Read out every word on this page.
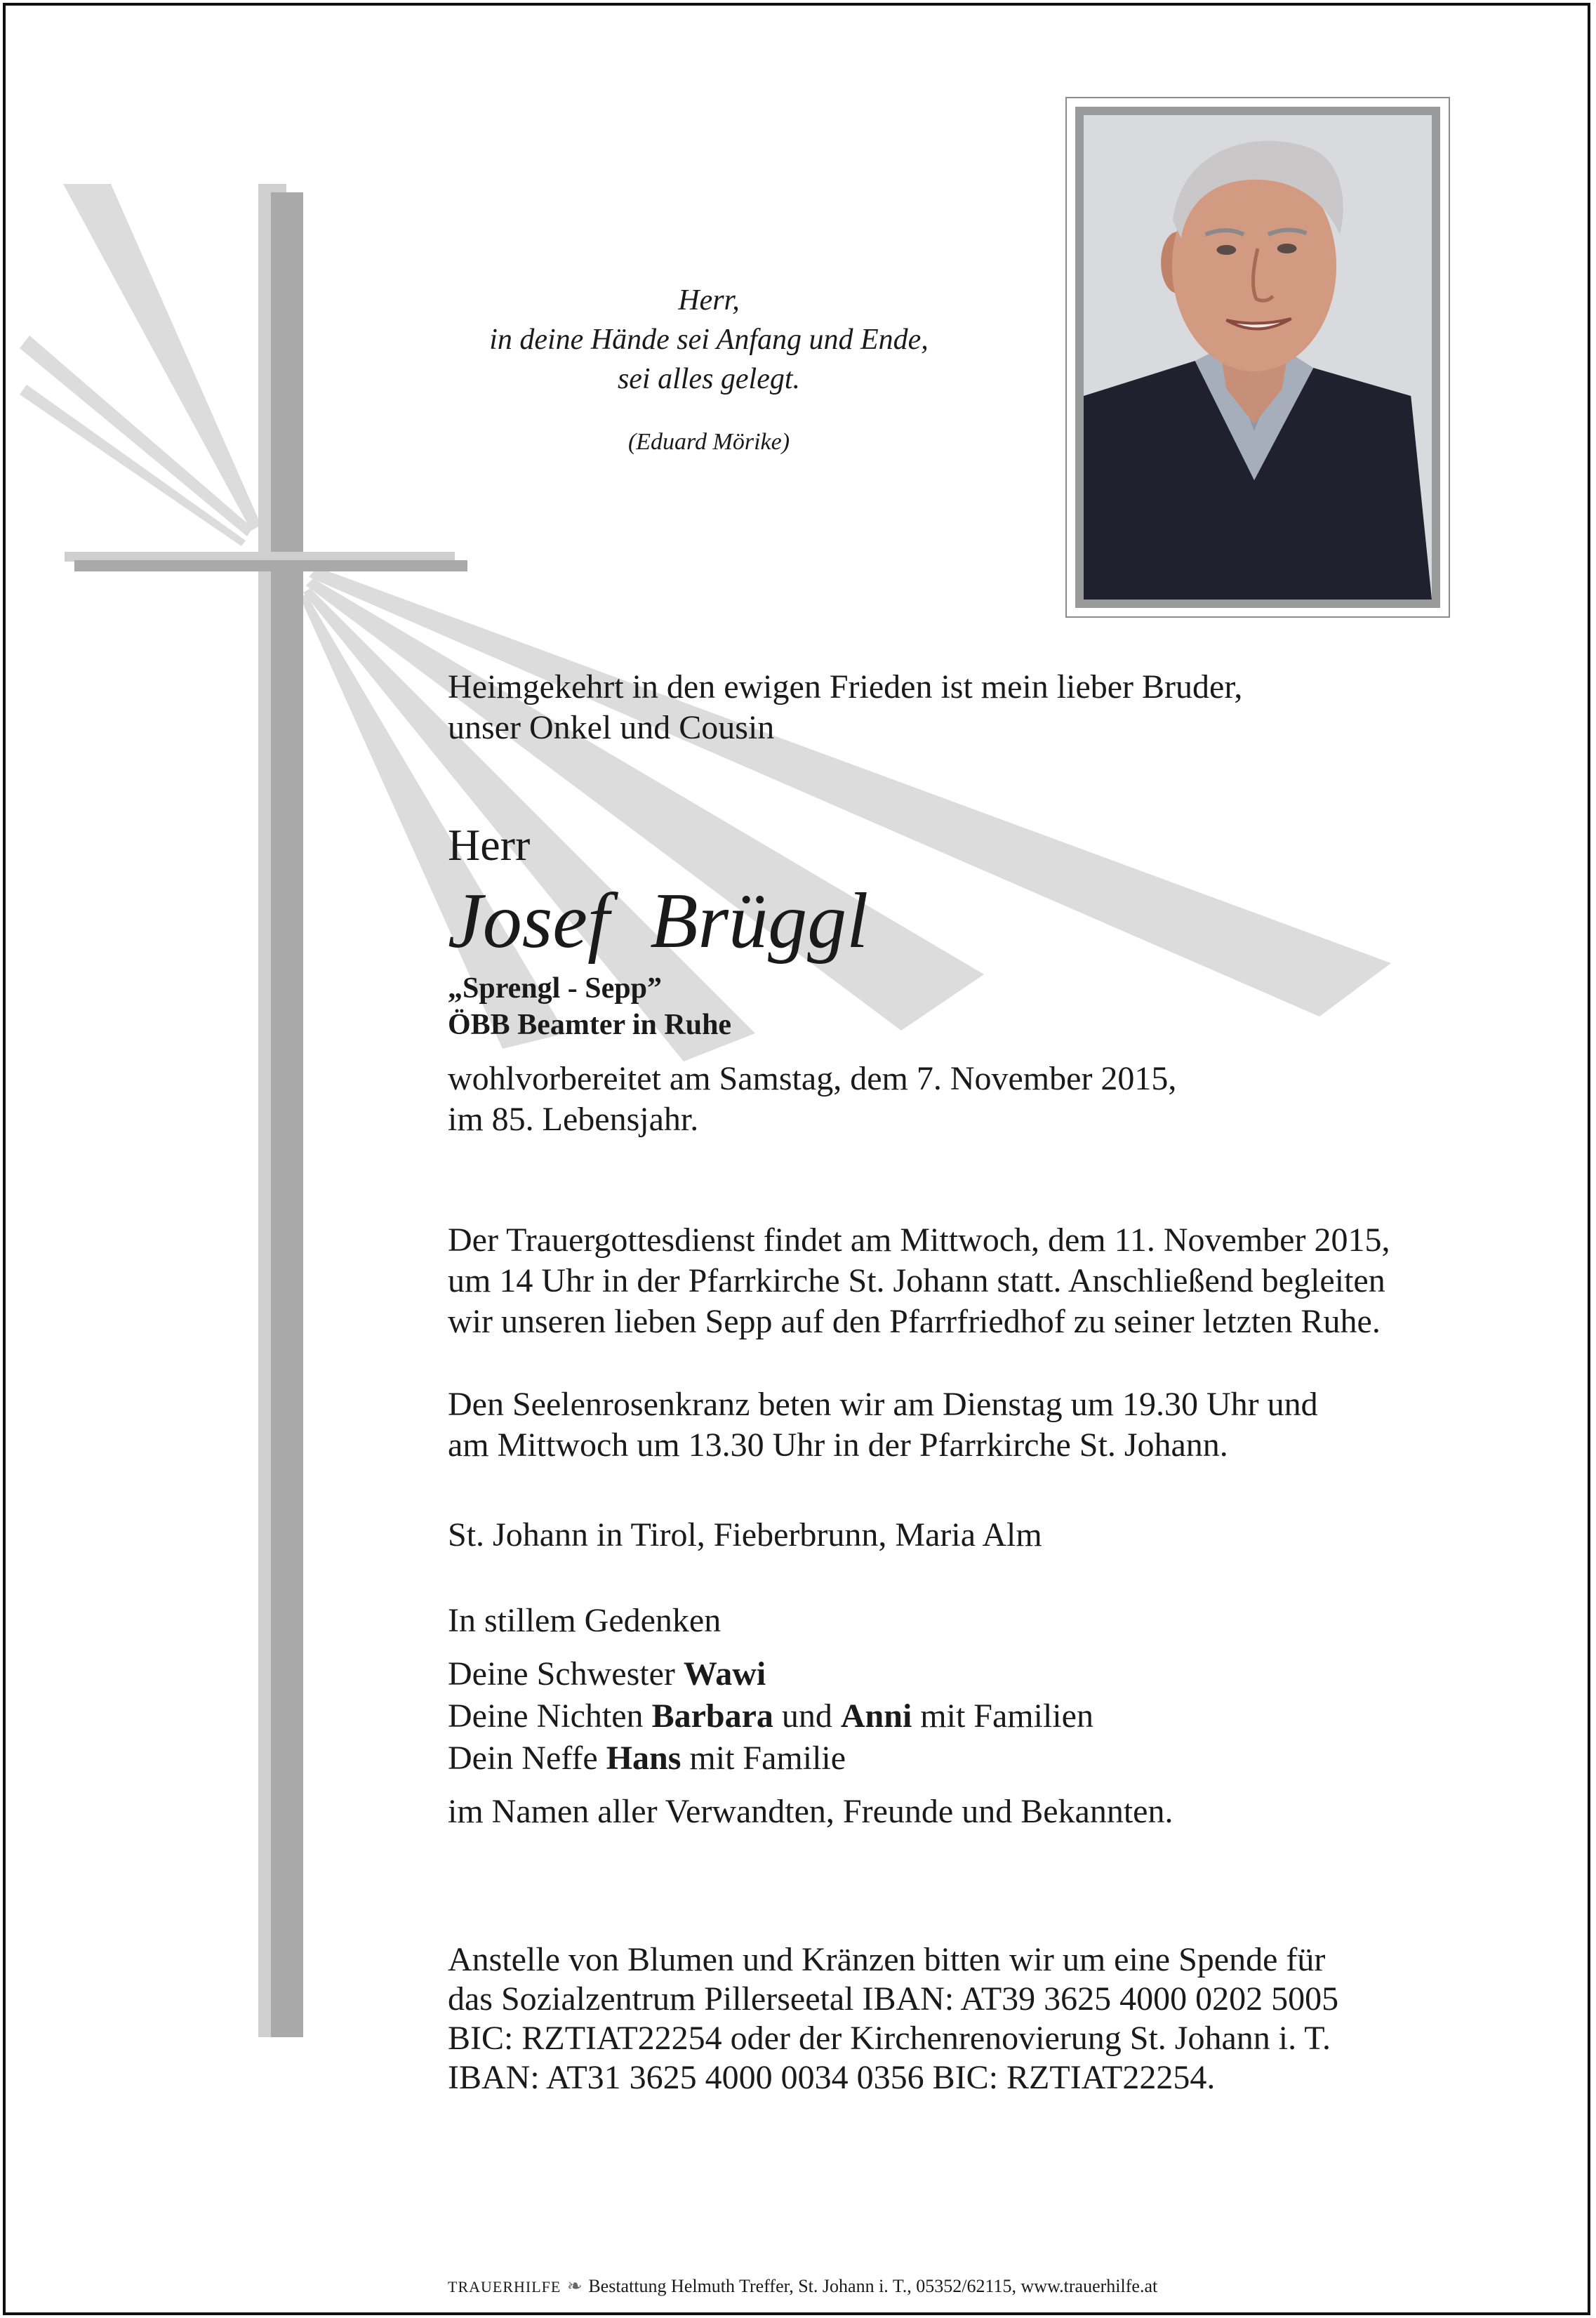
Herr,
in deine Hände sei Anfang und Ende,
sei alles gelegt.
(Eduard Mörike)

Heimgekehrt in den ewigen Frieden ist mein lieber Bruder,

unser Onkel und Cousin

Herr
Josef Brüggl

„Sprengl - Sepp”

ÖBB Beamter in Ruhe

wohlvorbereitet am Samstag, dem 7. November 2015,

im 85. Lebensjahr.

Der Trauergottesdienst findet am Mittwoch, dem 11. November 2015,

um 14 Uhr in der Pfarrkirche St. Johann statt. Anschließend begleiten

wir unseren lieben Sepp auf den Pfarrfriedhof zu seiner letzten Ruhe.

Den Seelenrosenkranz beten wir am Dienstag um 19.30 Uhr und

am Mittwoch um 13.30 Uhr in der Pfarrkirche St. Johann.

St. Johann in Tirol, Fieberbrunn, Maria Alm

In stillem Gedenken

Deine Schwester Wawi

Deine Nichten Barbara und Anni mit Familien

Dein Neffe Hans mit Familie

im Namen aller Verwandten, Freunde und Bekannten.

Anstelle von Blumen und Kränzen bitten wir um eine Spende für

das Sozialzentrum Pillerseetal IBAN: AT39 3625 4000 0202 5005

BIC: RZTIAT22254 oder der Kirchenrenovierung St. Johann i. T.

IBAN: AT31 3625 4000 0034 0356 BIC: RZTIAT22254.

TRAUERHILFE ❧ Bestattung Helmuth Treffer, St. Johann i. T., 05352/62115, www.trauerhilfe.at
